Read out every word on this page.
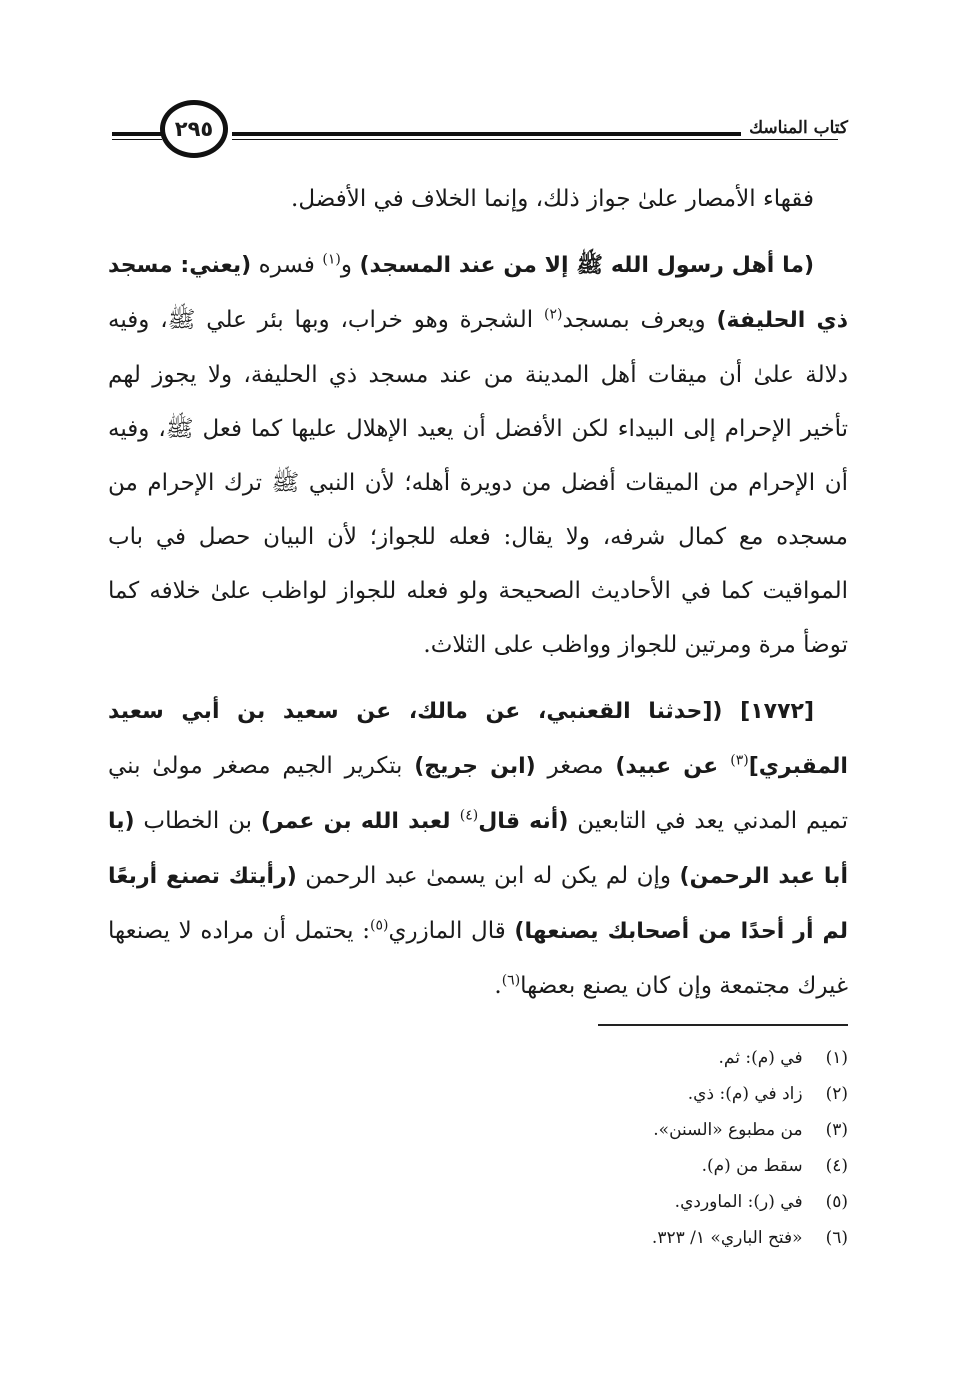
كتاب المناسك
٢٩٥

فقهاء الأمصار علىٰ جواز ذلك، وإنما الخلاف في الأفضل.

(ما أهل رسول الله ﷺ إلا من عند المسجد) و$^{(١)}$ فسره (يعني: مسجد ذي الحليفة) ويعرف بمسجد$^{(٢)}$ الشجرة وهو خراب، وبها بئر علي ﷺ، وفيه دلالة علىٰ أن ميقات أهل المدينة من عند مسجد ذي الحليفة، ولا يجوز لهم تأخير الإحرام إلى البيداء لكن الأفضل أن يعيد الإهلال عليها كما فعل ﷺ، وفيه أن الإحرام من الميقات أفضل من دويرة أهله؛ لأن النبي ﷺ ترك الإحرام من مسجده مع كمال شرفه، ولا يقال: فعله للجواز؛ لأن البيان حصل في باب المواقيت كما في الأحاديث الصحيحة ولو فعله للجواز لواظب علىٰ خلافه كما توضأ مرة ومرتين للجواز وواظب على الثلاث.

[١٧٧٢] ([حدثنا القعنبي، عن مالك، عن سعيد بن أبي سعيد المقبري]$^{(٣)}$ عن عبيد) مصغر (ابن جريج) بتكرير الجيم مصغر مولىٰ بني تميم المدني يعد في التابعين (أنه قال$^{(٤)}$ لعبد الله بن عمر) بن الخطاب (يا أبا عبد الرحمن) وإن لم يكن له ابن يسمىٰ عبد الرحمن (رأيتك تصنع أربعًا لم أر أحدًا من أصحابك يصنعها) قال المازري$^{(٥)}$: يحتمل أن مراده لا يصنعها غيرك مجتمعة وإن كان يصنع بعضها$^{(٦)}$.

(١) في (م): ثم.
(٢) زاد في (م): ذي.
(٣) من مطبوع «السنن».
(٤) سقط من (م).
(٥) في (ر): الماوردي.
(٦) «فتح الباري» ١/ ٣٢٣.
